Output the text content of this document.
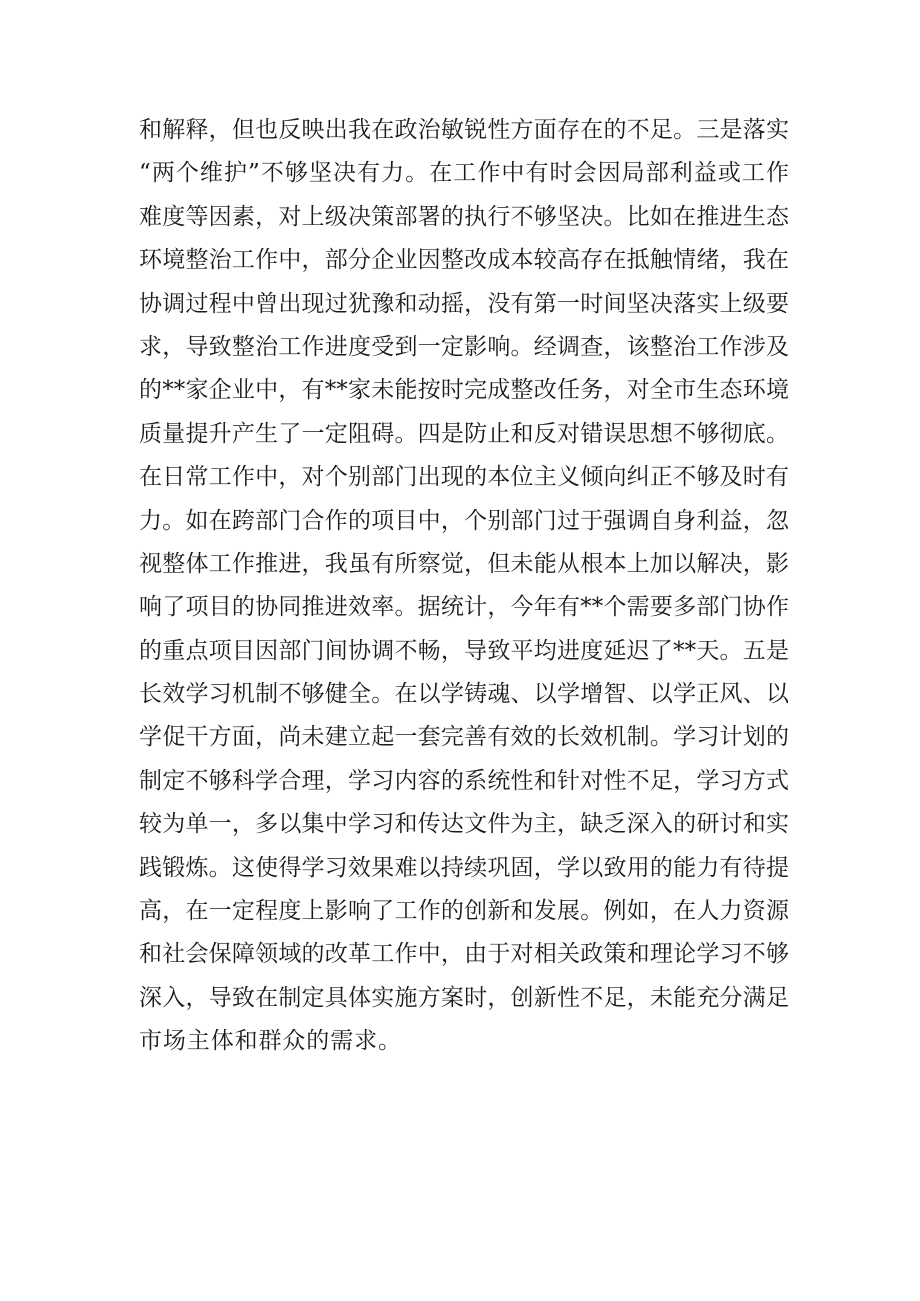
和解释，但也反映出我在政治敏锐性方面存在的不足。三是落实
“两个维护”不够坚决有力。在工作中有时会因局部利益或工作
难度等因素，对上级决策部署的执行不够坚决。比如在推进生态
环境整治工作中，部分企业因整改成本较高存在抵触情绪，我在
协调过程中曾出现过犹豫和动摇，没有第一时间坚决落实上级要
求，导致整治工作进度受到一定影响。经调查，该整治工作涉及
的**家企业中，有**家未能按时完成整改任务，对全市生态环境
质量提升产生了一定阻碍。四是防止和反对错误思想不够彻底。
在日常工作中，对个别部门出现的本位主义倾向纠正不够及时有
力。如在跨部门合作的项目中，个别部门过于强调自身利益，忽
视整体工作推进，我虽有所察觉，但未能从根本上加以解决，影
响了项目的协同推进效率。据统计，今年有**个需要多部门协作
的重点项目因部门间协调不畅，导致平均进度延迟了**天。五是
长效学习机制不够健全。在以学铸魂、以学增智、以学正风、以
学促干方面，尚未建立起一套完善有效的长效机制。学习计划的
制定不够科学合理，学习内容的系统性和针对性不足，学习方式
较为单一，多以集中学习和传达文件为主，缺乏深入的研讨和实
践锻炼。这使得学习效果难以持续巩固，学以致用的能力有待提
高，在一定程度上影响了工作的创新和发展。例如，在人力资源
和社会保障领域的改革工作中，由于对相关政策和理论学习不够
深入，导致在制定具体实施方案时，创新性不足，未能充分满足
市场主体和群众的需求。
